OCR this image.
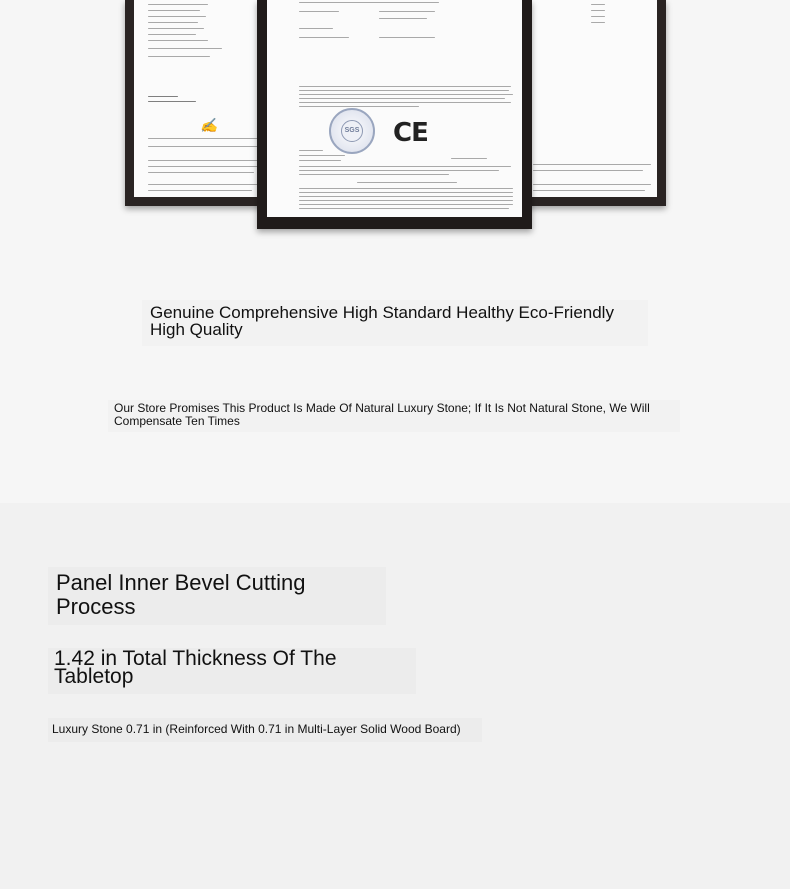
✍	SGS CE
Genuine Comprehensive High Standard Healthy Eco-Friendly High Quality
Our Store Promises This Product Is Made Of Natural Luxury Stone; If It Is Not Natural Stone, We Will Compensate Ten Times
Panel Inner Bevel Cutting Process
1.42 in Total Thickness Of The Tabletop
Luxury Stone 0.71 in (Reinforced With 0.71 in Multi-Layer Solid Wood Board)
